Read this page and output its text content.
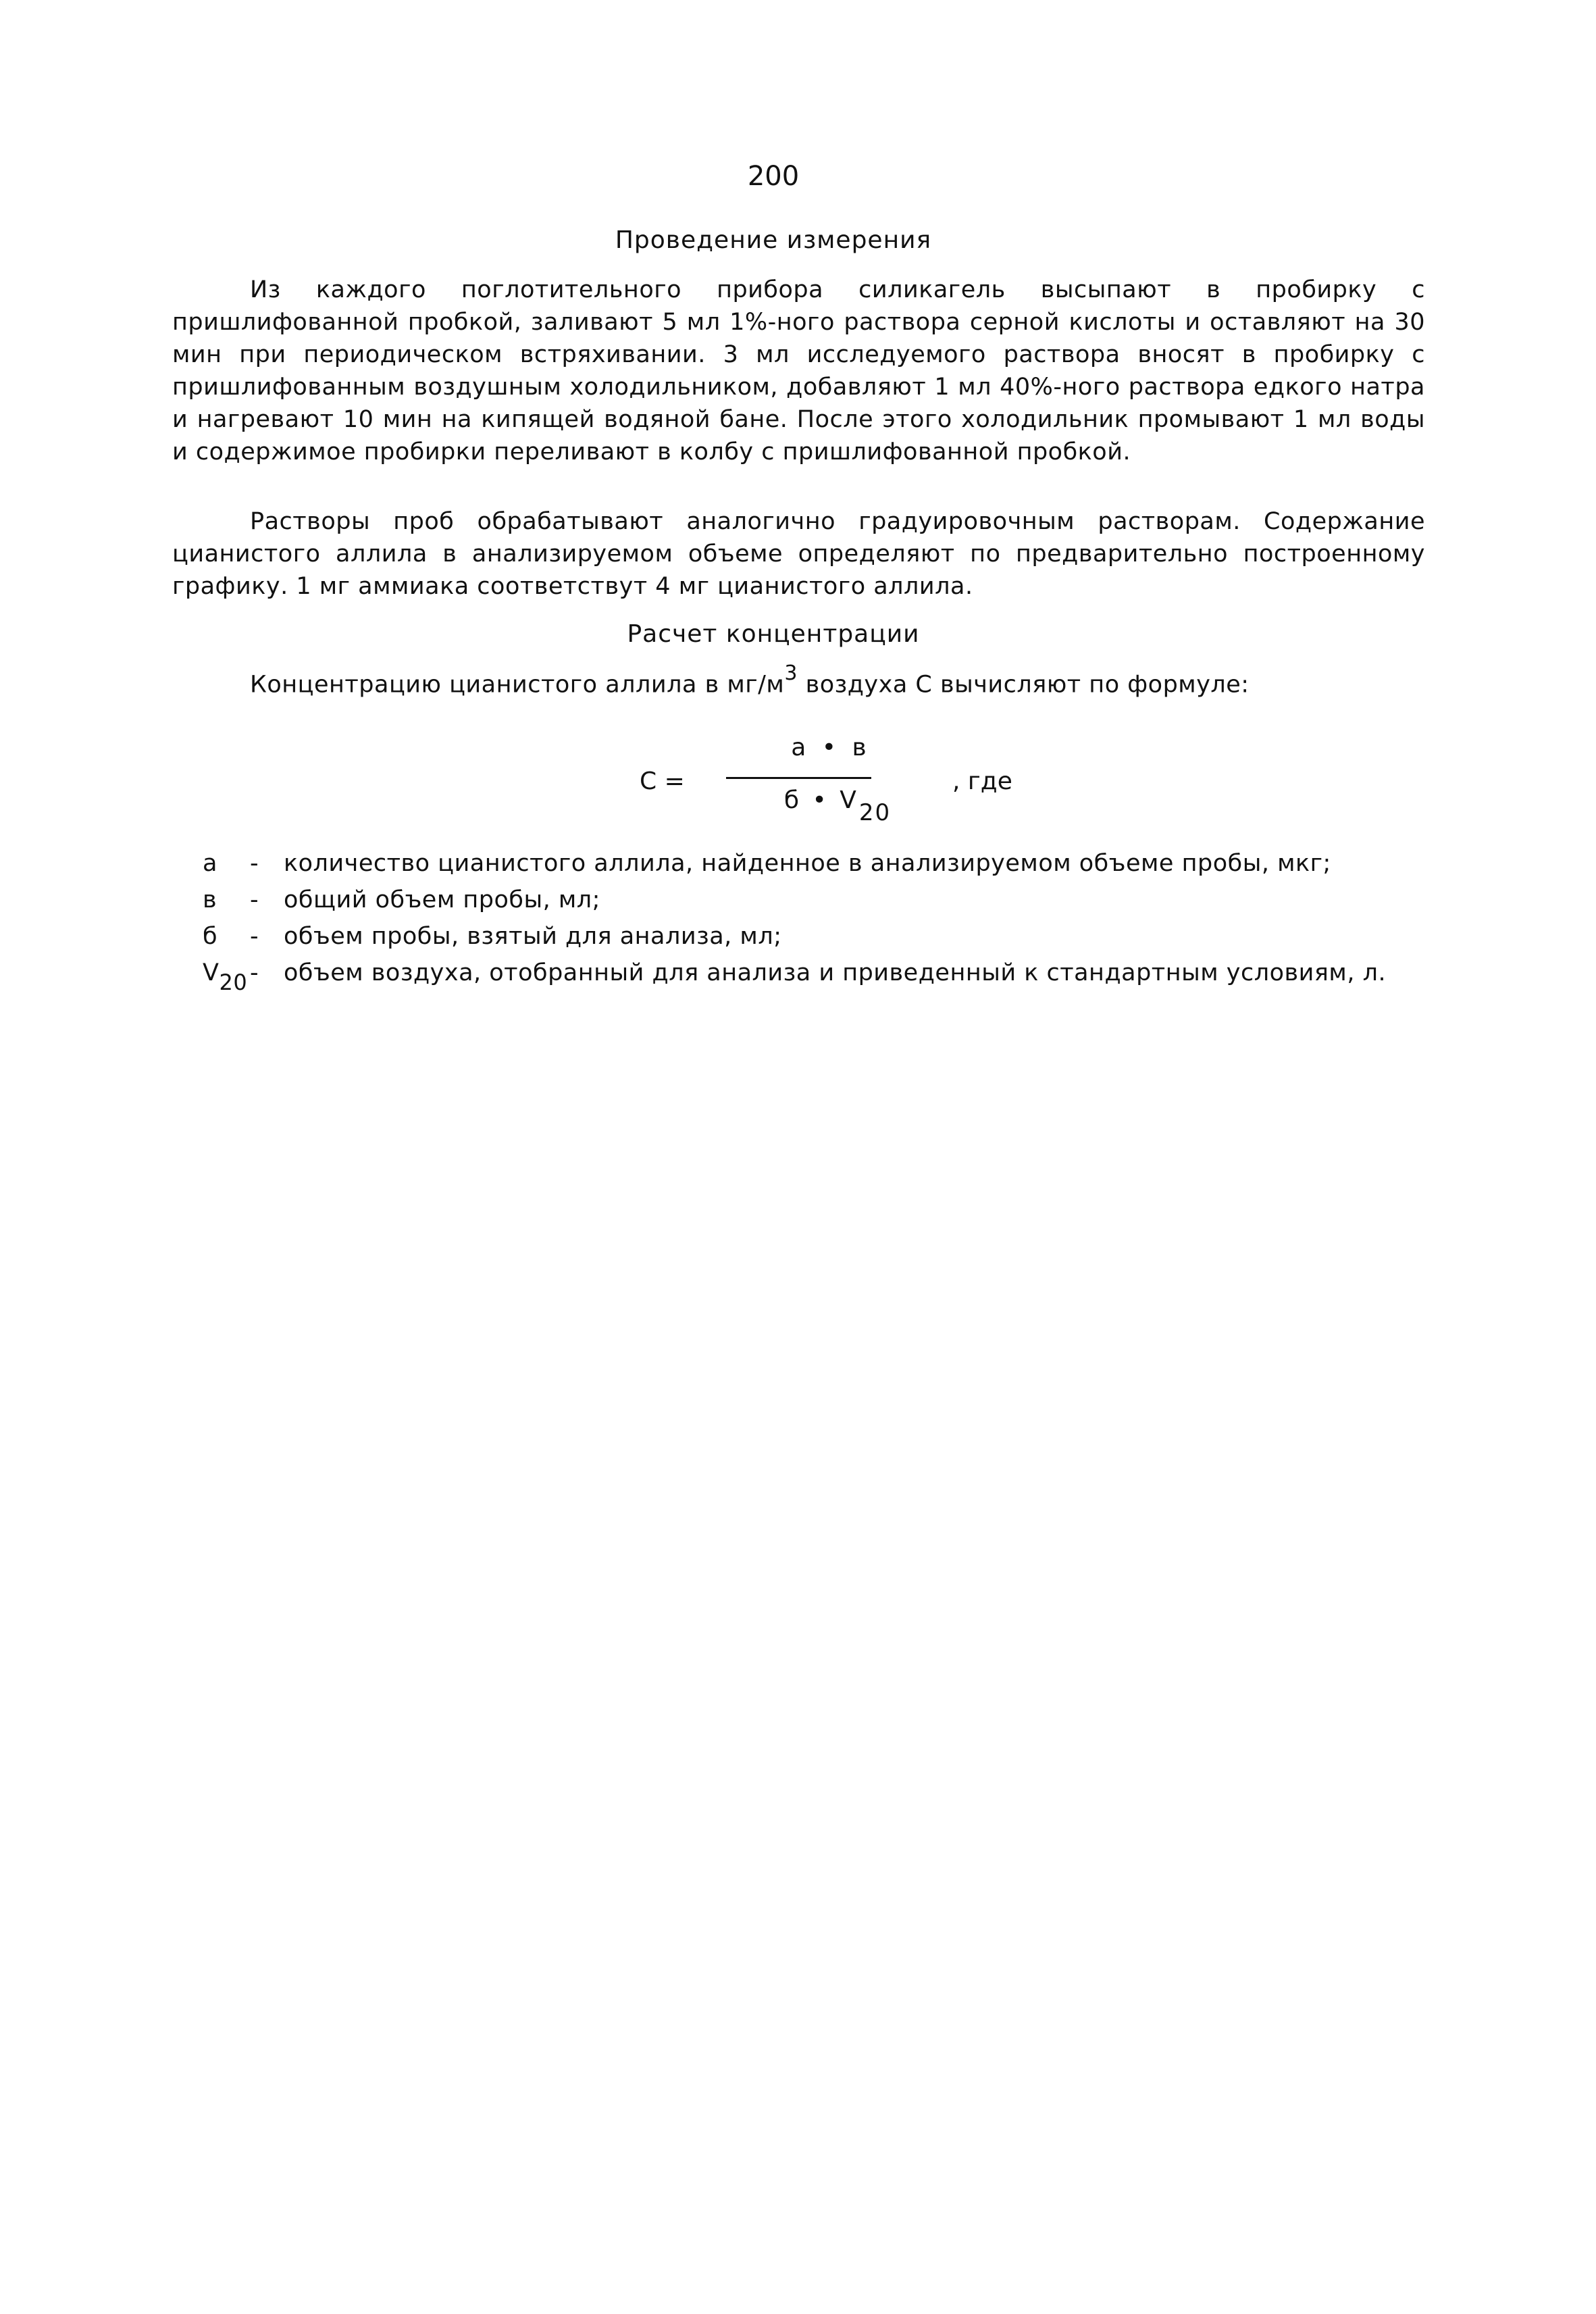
200
Проведение измерения

Из каждого поглотительного прибора силикагель высыпают в пробирку с пришлифованной пробкой, заливают 5 мл 1%-ного раствора серной кислоты и оставляют на 30 мин при периодическом встряхивании. 3 мл исследуемого раствора вносят в пробирку с пришлифованным воздушным холодильником, добавляют 1 мл 40%-ного раствора едкого натра и нагревают 10 мин на кипящей водяной бане. После этого холодильник промывают 1 мл воды и содержимое пробирки переливают в колбу с пришлифованной пробкой.

Растворы проб обрабатывают аналогично градуировочным растворам. Содержание цианистого аллила в анализируемом объеме определяют по предварительно построенному графику. 1 мг аммиака соответствут 4 мг цианистого аллила.

Расчет концентрации
Концентрацию цианистого аллила в $мг/м^3$ воздуха С вычисляют по формуле:
С =
а • в
б • $V_{20}$
, где
а	-	количество цианистого аллила, найденное в анализируемом объеме пробы, мкг;
в	-	общий объем пробы, мл;
б	-	объем пробы, взятый для анализа, мл;
$V_{20}$ -	объем воздуха, отобранный для анализа и приведенный к стандартным условиям, л.
